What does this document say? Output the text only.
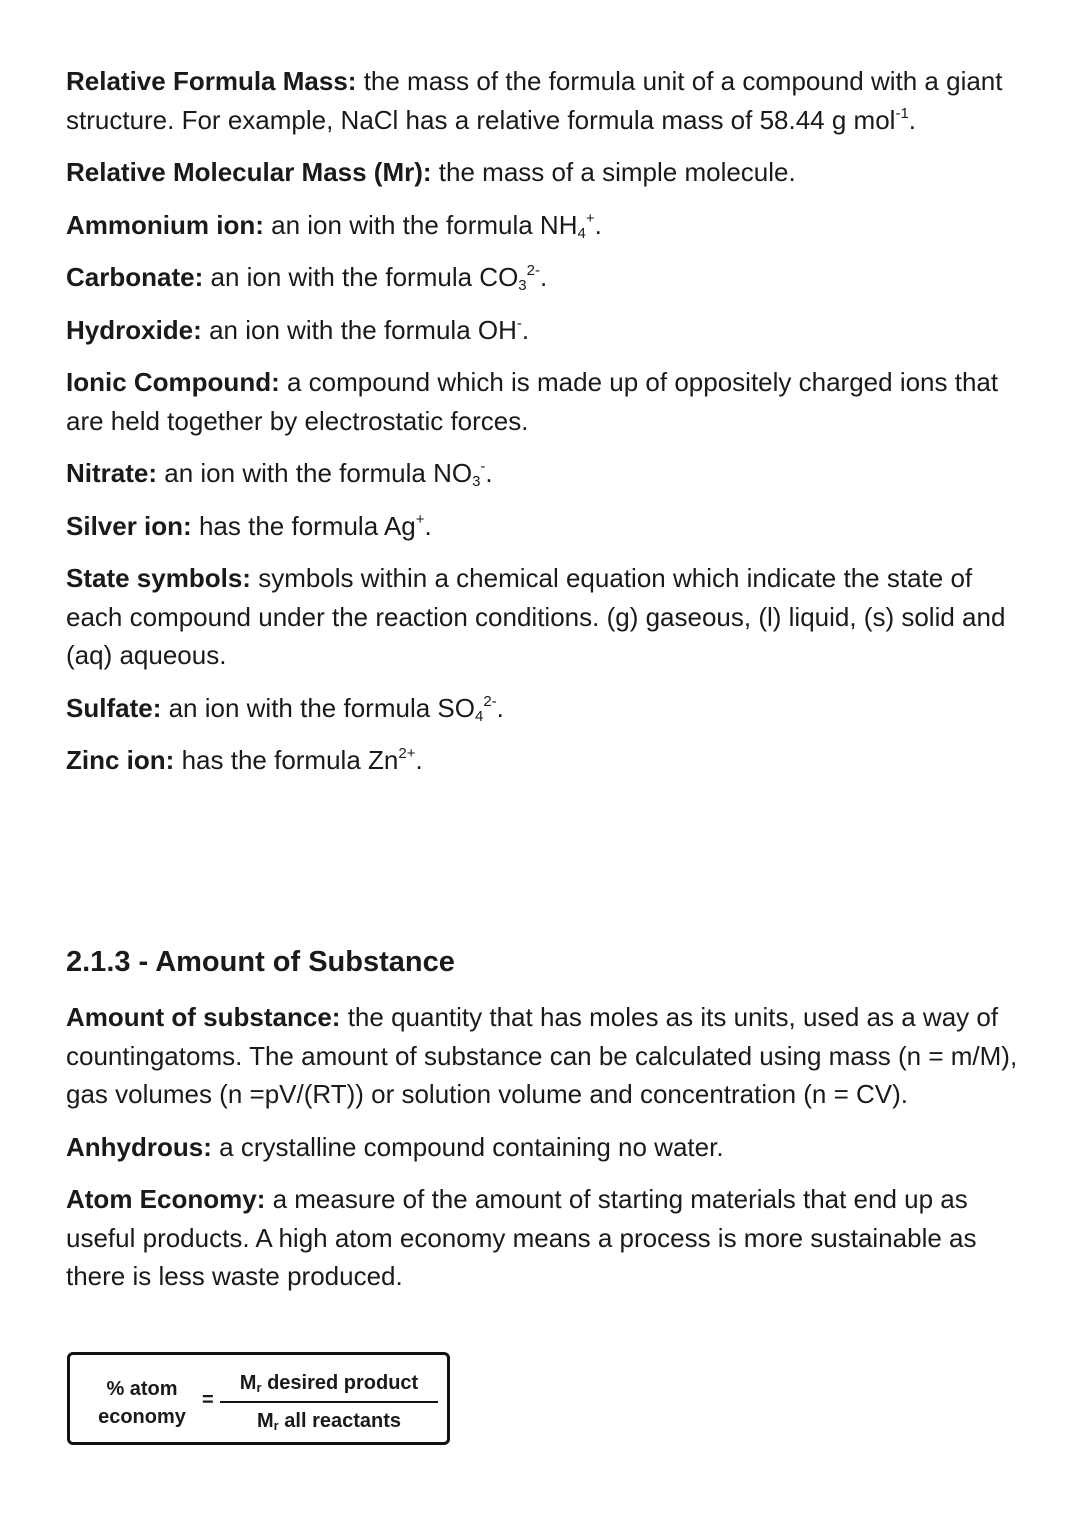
Relative Formula Mass: the mass of the formula unit of a compound with a giant structure. For example, NaCl has a relative formula mass of 58.44 g mol$^{-1}$.

Relative Molecular Mass (Mr): the mass of a simple molecule.

Ammonium ion: an ion with the formula $NH_4^+$.

Carbonate: an ion with the formula $CO_3^{2-}$.

Hydroxide: an ion with the formula OH-.

Ionic Compound: a compound which is made up of oppositely charged ions that are held together by electrostatic forces.

Nitrate: an ion with the formula $NO_3^-$.

Silver ion: has the formula Ag+.

State symbols: symbols within a chemical equation which indicate the state of each compound under the reaction conditions. (g) gaseous, (l) liquid, (s) solid and (aq) aqueous.

Sulfate: an ion with the formula $SO_4^{2-}$.

Zinc ion: has the formula $Zn^{2+}$.

2.1.3 - Amount of Substance

Amount of substance: the quantity that has moles as its units, used as a way of countingatoms. The amount of substance can be calculated using mass (n = m/M), gas volumes (n =pV/(RT)) or solution volume and concentration (n = CV).

Anhydrous: a crystalline compound containing no water.

Atom Economy: a measure of the amount of starting materials that end up as useful products. A high atom economy means a process is more sustainable as there is less waste produced.

% atom
economy
=
$M_r$ desired product
$M_r$ all reactants
